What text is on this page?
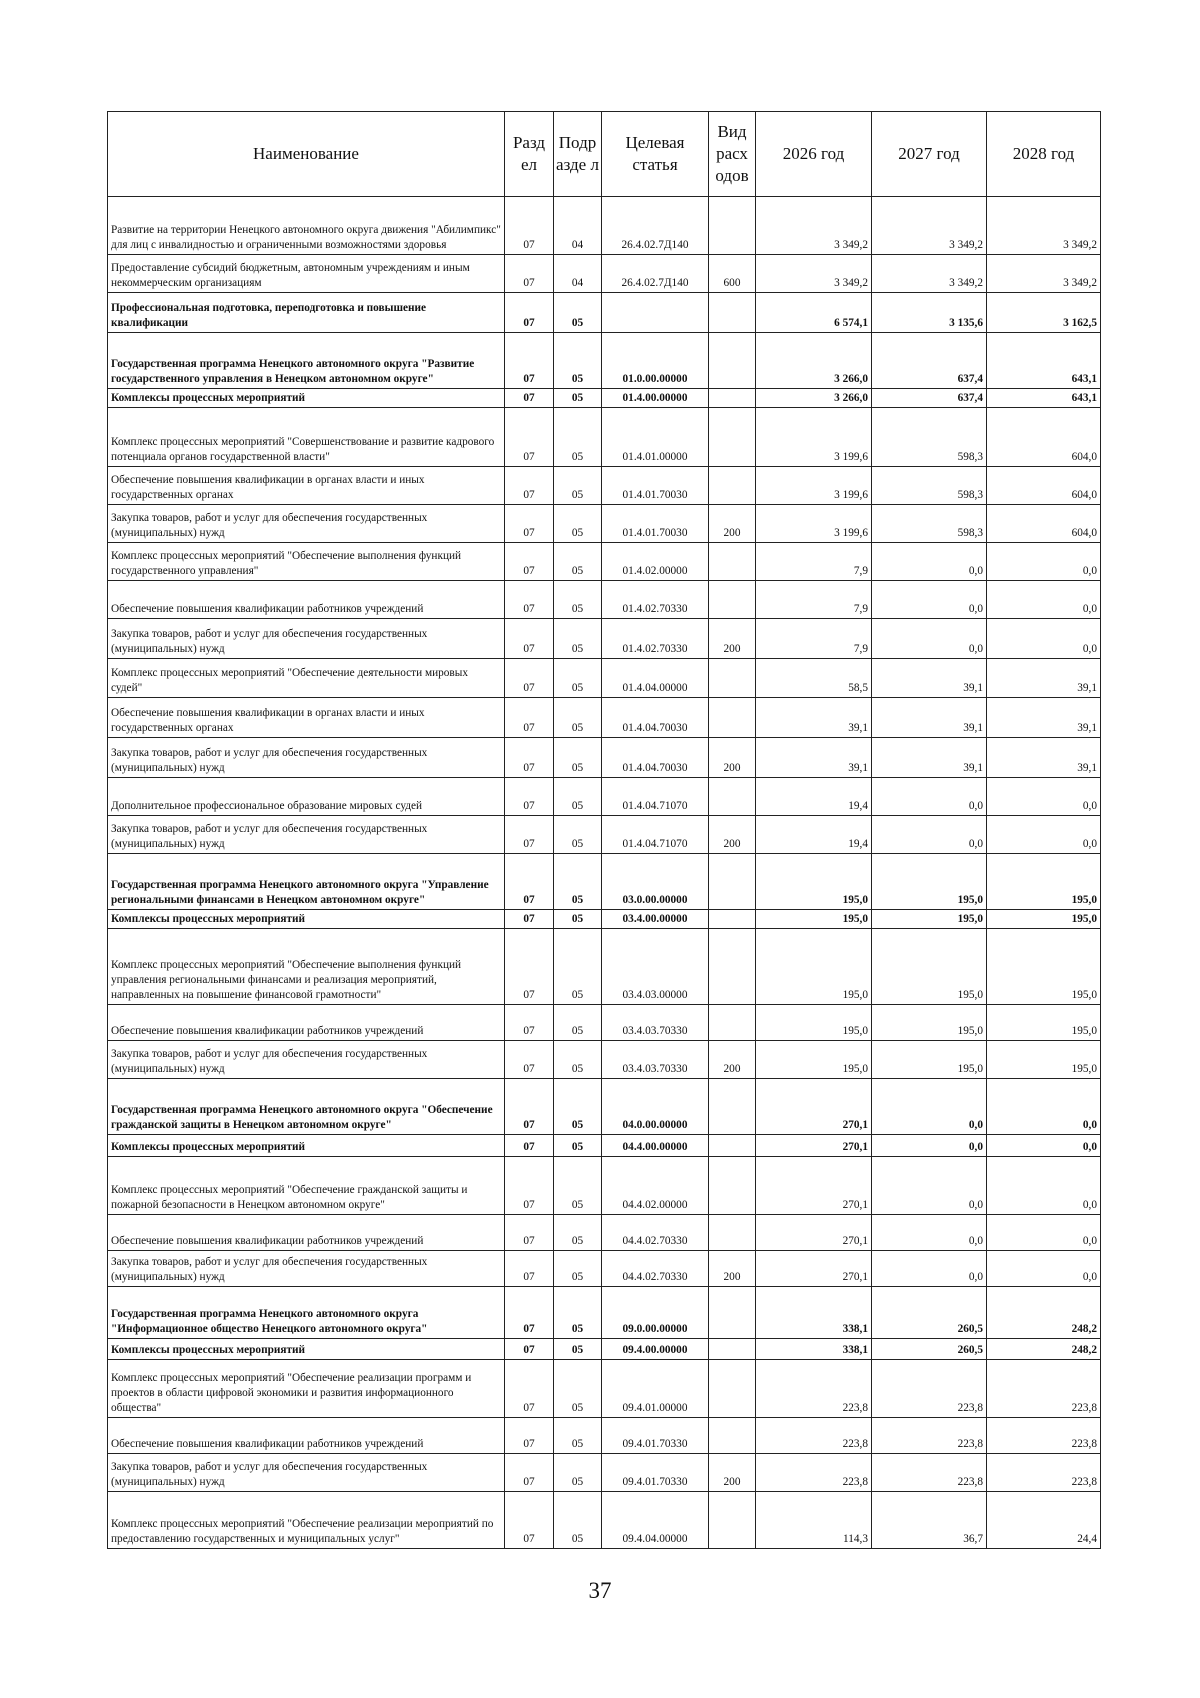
Наименование	Разд ел	Подр азде л	Целевая статья	Вид расх одов	2026 год	2027 год	2028 год
Развитие на территории Ненецкого автономного округа движения "Абилимпикс" для лиц с инвалидностью и ограниченными возможностями здоровья	07	04	26.4.02.7Д140		3 349,2	3 349,2	3 349,2
Предоставление субсидий бюджетным, автономным учреждениям и иным некоммерческим организациям	07	04	26.4.02.7Д140	600	3 349,2	3 349,2	3 349,2
Профессиональная подготовка, переподготовка и повышение квалификации	07	05			6 574,1	3 135,6	3 162,5
Государственная программа Ненецкого автономного округа "Развитие государственного управления в Ненецком автономном округе"	07	05	01.0.00.00000		3 266,0	637,4	643,1
Комплексы процессных мероприятий	07	05	01.4.00.00000		3 266,0	637,4	643,1
Комплекс процессных мероприятий "Совершенствование и развитие кадрового потенциала органов государственной власти"	07	05	01.4.01.00000		3 199,6	598,3	604,0
Обеспечение повышения квалификации в органах власти и иных государственных органах	07	05	01.4.01.70030		3 199,6	598,3	604,0
Закупка товаров, работ и услуг для обеспечения государственных (муниципальных) нужд	07	05	01.4.01.70030	200	3 199,6	598,3	604,0
Комплекс процессных мероприятий "Обеспечение выполнения функций государственного управления"	07	05	01.4.02.00000		7,9	0,0	0,0
Обеспечение повышения квалификации работников учреждений	07	05	01.4.02.70330		7,9	0,0	0,0
Закупка товаров, работ и услуг для обеспечения государственных (муниципальных) нужд	07	05	01.4.02.70330	200	7,9	0,0	0,0
Комплекс процессных мероприятий "Обеспечение деятельности мировых судей"	07	05	01.4.04.00000		58,5	39,1	39,1
Обеспечение повышения квалификации в органах власти и иных государственных органах	07	05	01.4.04.70030		39,1	39,1	39,1
Закупка товаров, работ и услуг для обеспечения государственных (муниципальных) нужд	07	05	01.4.04.70030	200	39,1	39,1	39,1
Дополнительное профессиональное образование мировых судей	07	05	01.4.04.71070		19,4	0,0	0,0
Закупка товаров, работ и услуг для обеспечения государственных (муниципальных) нужд	07	05	01.4.04.71070	200	19,4	0,0	0,0
Государственная программа Ненецкого автономного округа "Управление региональными финансами в Ненецком автономном округе"	07	05	03.0.00.00000		195,0	195,0	195,0
Комплексы процессных мероприятий	07	05	03.4.00.00000		195,0	195,0	195,0
Комплекс процессных мероприятий "Обеспечение выполнения функций управления региональными финансами и реализация мероприятий, направленных на повышение финансовой грамотности"	07	05	03.4.03.00000		195,0	195,0	195,0
Обеспечение повышения квалификации работников учреждений	07	05	03.4.03.70330		195,0	195,0	195,0
Закупка товаров, работ и услуг для обеспечения государственных (муниципальных) нужд	07	05	03.4.03.70330	200	195,0	195,0	195,0
Государственная программа Ненецкого автономного округа "Обеспечение гражданской защиты в Ненецком автономном округе"	07	05	04.0.00.00000		270,1	0,0	0,0
Комплексы процессных мероприятий	07	05	04.4.00.00000		270,1	0,0	0,0
Комплекс процессных мероприятий "Обеспечение гражданской защиты и пожарной безопасности в Ненецком автономном округе"	07	05	04.4.02.00000		270,1	0,0	0,0
Обеспечение повышения квалификации работников учреждений	07	05	04.4.02.70330		270,1	0,0	0,0
Закупка товаров, работ и услуг для обеспечения государственных (муниципальных) нужд	07	05	04.4.02.70330	200	270,1	0,0	0,0
Государственная программа Ненецкого автономного округа "Информационное общество Ненецкого автономного округа"	07	05	09.0.00.00000		338,1	260,5	248,2
Комплексы процессных мероприятий	07	05	09.4.00.00000		338,1	260,5	248,2
Комплекс процессных мероприятий "Обеспечение реализации программ и проектов в области цифровой экономики и развития информационного общества"	07	05	09.4.01.00000		223,8	223,8	223,8
Обеспечение повышения квалификации работников учреждений	07	05	09.4.01.70330		223,8	223,8	223,8
Закупка товаров, работ и услуг для обеспечения государственных (муниципальных) нужд	07	05	09.4.01.70330	200	223,8	223,8	223,8
Комплекс процессных мероприятий "Обеспечение реализации мероприятий по предоставлению государственных и муниципальных услуг"	07	05	09.4.04.00000		114,3	36,7	24,4
37
